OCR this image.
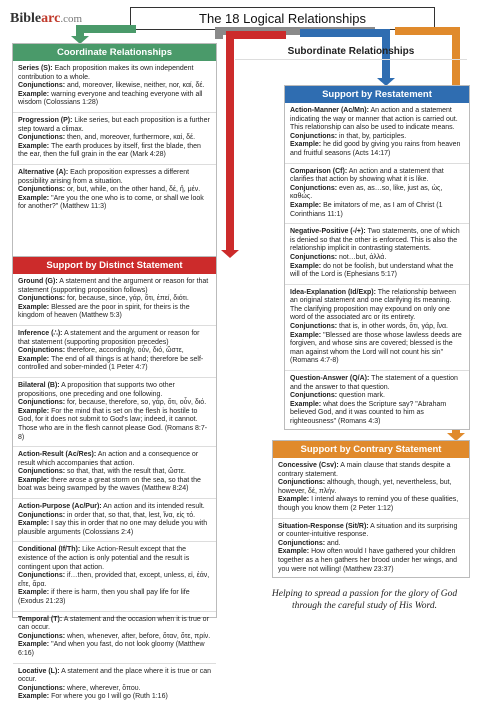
Biblearc.com	The 18 Logical Relationships
Subordinate Relationships
Coordinate Relationships
Series (S): Each proposition makes its own independent contribution to a whole.
Conjunctions: and, moreover, likewise, neither, nor, καί, δέ.
Example: warning everyone and teaching everyone with all wisdom (Colossians 1:28)
Progression (P): Like series, but each proposition is a further step toward a climax.
Conjunctions: then, and, moreover, furthermore, καί, δέ.
Example: The earth produces by itself, first the blade, then the ear, then the full grain in the ear (Mark 4:28)
Alternative (A): Each proposition expresses a different possibility arising from a situation.
Conjunctions: or, but, while, on the other hand, δέ, ἤ, μέν.
Example: "Are you the one who is to come, or shall we look for another?" (Matthew 11:3)
Support by Distinct Statement
Ground (G): A statement and the argument or reason for that statement (supporting proposition follows)
Conjunctions: for, because, since, γάρ, ὅτι, ἐπεί, διότι.
Example: Blessed are the poor in spirit, for theirs is the kingdom of heaven (Matthew 5:3)
Inference (∴): A statement and the argument or reason for that statement (supporting proposition precedes)
Conjunctions: therefore, accordingly, οὖν, διό, ὥστε,
Example: The end of all things is at hand; therefore be self-controlled and sober-minded (1 Peter 4:7)
Bilateral (B): A proposition that supports two other propositions, one preceding and one following.
Conjunctions: for, because, therefore, so, γάρ, ὅτι, οὖν, διό.
Example: For the mind that is set on the flesh is hostile to God, for it does not submit to God's law; indeed, it cannot. Those who are in the flesh cannot please God. (Romans 8:7-8)
Action-Result (Ac/Res): An action and a consequence or result which accompanies that action.
Conjunctions: so that, that, with the result that, ὥστε.
Example: there arose a great storm on the sea, so that the boat was being swamped by the waves (Matthew 8:24)
Action-Purpose (Ac/Pur): An action and its intended result.
Conjunctions: in order that, so that, that, lest, ἵνα, εἰς τό.
Example: I say this in order that no one may delude you with plausible arguments (Colossians 2:4)
Conditional (If/Th): Like Action-Result except that the existence of the action is only potential and the result is contingent upon that action.
Conjunctions: if…then, provided that, except, unless, εἰ, ἐάν, εἴτε, ἄρα.
Example: if there is harm, then you shall pay life for life (Exodus 21:23)
Temporal (T): A statement and the occasion when it is true or can occur.
Conjunctions: when, whenever, after, before, ὅταν, ὅτε, πρίν.
Example: "And when you fast, do not look gloomy (Matthew 6:16)
Locative (L): A statement and the place where it is true or can occur.
Conjunctions: where, wherever, ὅπου.
Example: For where you go I will go (Ruth 1:16)
Support by Restatement
Action-Manner (Ac/Mn): An action and a statement indicating the way or manner that action is carried out. This relationship can also be used to indicate means.
Conjunctions: in that, by, participles.
Example: he did good by giving you rains from heaven and fruitful seasons (Acts 14:17)
Comparison (Cf): An action and a statement that clarifies that action by showing what it is like.
Conjunctions: even as, as…so, like, just as, ὡς, καθώς.
Example: Be imitators of me, as I am of Christ (1 Corinthians 11:1)
Negative-Positive (-/+): Two statements, one of which is denied so that the other is enforced. This is also the relationship implicit in contrasting statements.
Conjunctions: not…but, ἀλλά.
Example: do not be foolish, but understand what the will of the Lord is (Ephesians 5:17)
Idea-Explanation (Id/Exp): The relationship between an original statement and one clarifying its meaning. The clarifying proposition may expound on only one word of the associated arc or its entirety.
Conjunctions: that is, in other words, ὅτι, γάρ, ἵνα.
Example: "Blessed are those whose lawless deeds are forgiven, and whose sins are covered; blessed is the man against whom the Lord will not count his sin" (Romans 4:7-8)
Question-Answer (Q/A): The statement of a question and the answer to that question.
Conjunctions: question mark.
Example: what does the Scripture say? "Abraham believed God, and it was counted to him as righteousness" (Romans 4:3)
Support by Contrary Statement
Concessive (Csv): A main clause that stands despite a contrary statement.
Conjunctions: although, though, yet, nevertheless, but, however, δέ, πλήν.
Example: I intend always to remind you of these qualities, though you know them (2 Peter 1:12)
Situation-Response (Sit/R): A situation and its surprising or counter-intuitive response.
Conjunctions: and.
Example: How often would I have gathered your children together as a hen gathers her brood under her wings, and you were not willing! (Matthew 23:37)
Helping to spread a passion for the glory of God through the careful study of His Word.
